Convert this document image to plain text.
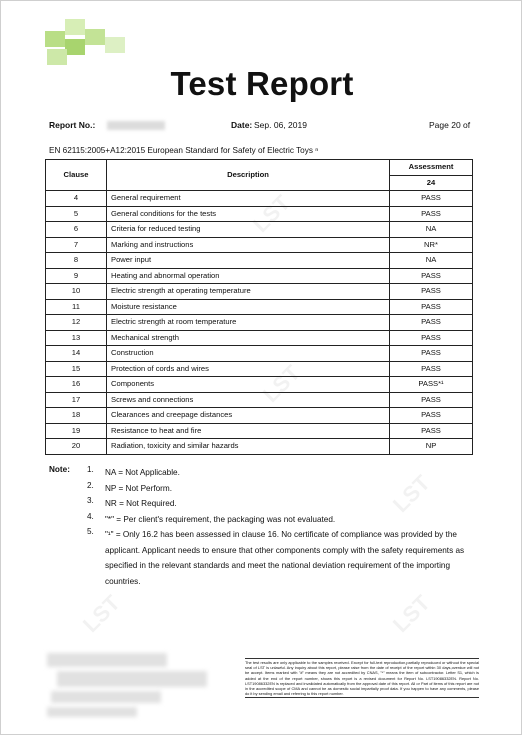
LST
LST
LST
LST	LST
Test Report
Report No.:	Date: Sep. 06, 2019	Page 20 of
EN 62115:2005+A12:2015 European Standard for Safety of Electric Toys ⁿ
Clause	Description	Assessment
		24
4	General requirement	PASS
5	General conditions for the tests	PASS
6	Criteria for reduced testing	NA
7	Marking and instructions	NR*
8	Power input	NA
9	Heating and abnormal operation	PASS
10	Electric strength at operating temperature	PASS
11	Moisture resistance	PASS
12	Electric strength at room temperature	PASS
13	Mechanical strength	PASS
14	Construction	PASS
15	Protection of cords and wires	PASS
16	Components	PASS*¹
17	Screws and connections	PASS
18	Clearances and creepage distances	PASS
19	Resistance to heat and fire	PASS
20	Radiation, toxicity and similar hazards	NP
Note: 1. NA = Not Applicable.
2. NP = Not Perform.
3. NR = Not Required.
4. "*" = Per client's requirement, the packaging was not evaluated.
5. "¹" = Only 16.2 has been assessed in clause 16. No certificate of compliance was provided by the applicant. Applicant needs to ensure that other components comply with the safety requirements as specified in the relevant standards and meet the national deviation requirement of the importing countries.
The test results are only applicable to the samples received. Except for full-text reproduction,partially reproduced or without the special seal of LST is unlawful. Any inquiry about this report, please raise from the date of receipt of the report within 30 days,overdue will not be accept. Items marked with "#" means they are not accredited by CNAS, "*" means the item of subcontractor. Letter S1, which is added at the end of the report number, shows this report is a revised document for Report No. LST19086332EN. Report No. LST19086332EN is replaced and invalidated automatically from the approval date of this report. All or Part of items of this report are not in the accredited scope of CMA and cannot be as domestic social impartially proof data. If you happen to have any comments, please do it by sending email and referring to this report number.
